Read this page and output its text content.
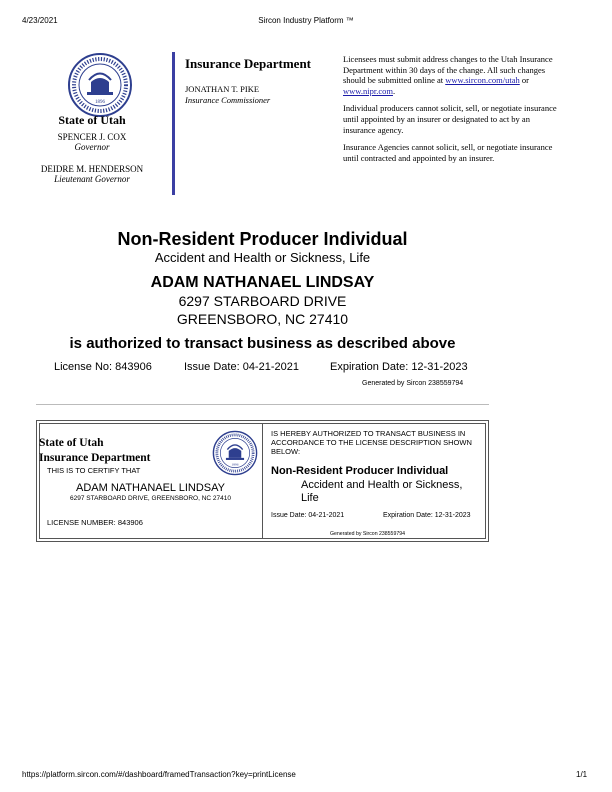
4/23/2021	Sircon Industry Platform ™
1896
State of Utah
SPENCER J. COX
Governor
DEIDRE M. HENDERSON
Lieutenant Governor
Insurance Department
JONATHAN T. PIKE
Insurance Commissioner

Licensees must submit address changes to the Utah Insurance Department within 30 days of the change. All such changes should be submitted online at www.sircon.com/utah or www.nipr.com.

Individual producers cannot solicit, sell, or negotiate insurance until appointed by an insurer or designated to act by an insurance agency.

Insurance Agencies cannot solicit, sell, or negotiate insurance until contracted and appointed by an insurer.

Non-Resident Producer Individual
Accident and Health or Sickness, Life
ADAM NATHANAEL LINDSAY
6297 STARBOARD DRIVE
GREENSBORO, NC 27410
is authorized to transact business as described above
License No: 843906	Issue Date: 04-21-2021	Expiration Date: 12-31-2023
Generated by Sircon 238559794
State of Utah
Insurance Department
1896
THIS IS TO CERTIFY THAT
ADAM NATHANAEL LINDSAY
6297 STARBOARD DRIVE, GREENSBORO, NC 27410
LICENSE NUMBER: 843906
IS HEREBY AUTHORIZED TO TRANSACT BUSINESS IN ACCORDANCE TO THE LICENSE DESCRIPTION SHOWN BELOW:
Non-Resident Producer Individual
Accident and Health or Sickness,
Life
Issue Date: 04-21-2021	Expiration Date: 12-31-2023
Generated by Sircon 238559794
https://platform.sircon.com/#/dashboard/framedTransaction?key=printLicense	1/1
